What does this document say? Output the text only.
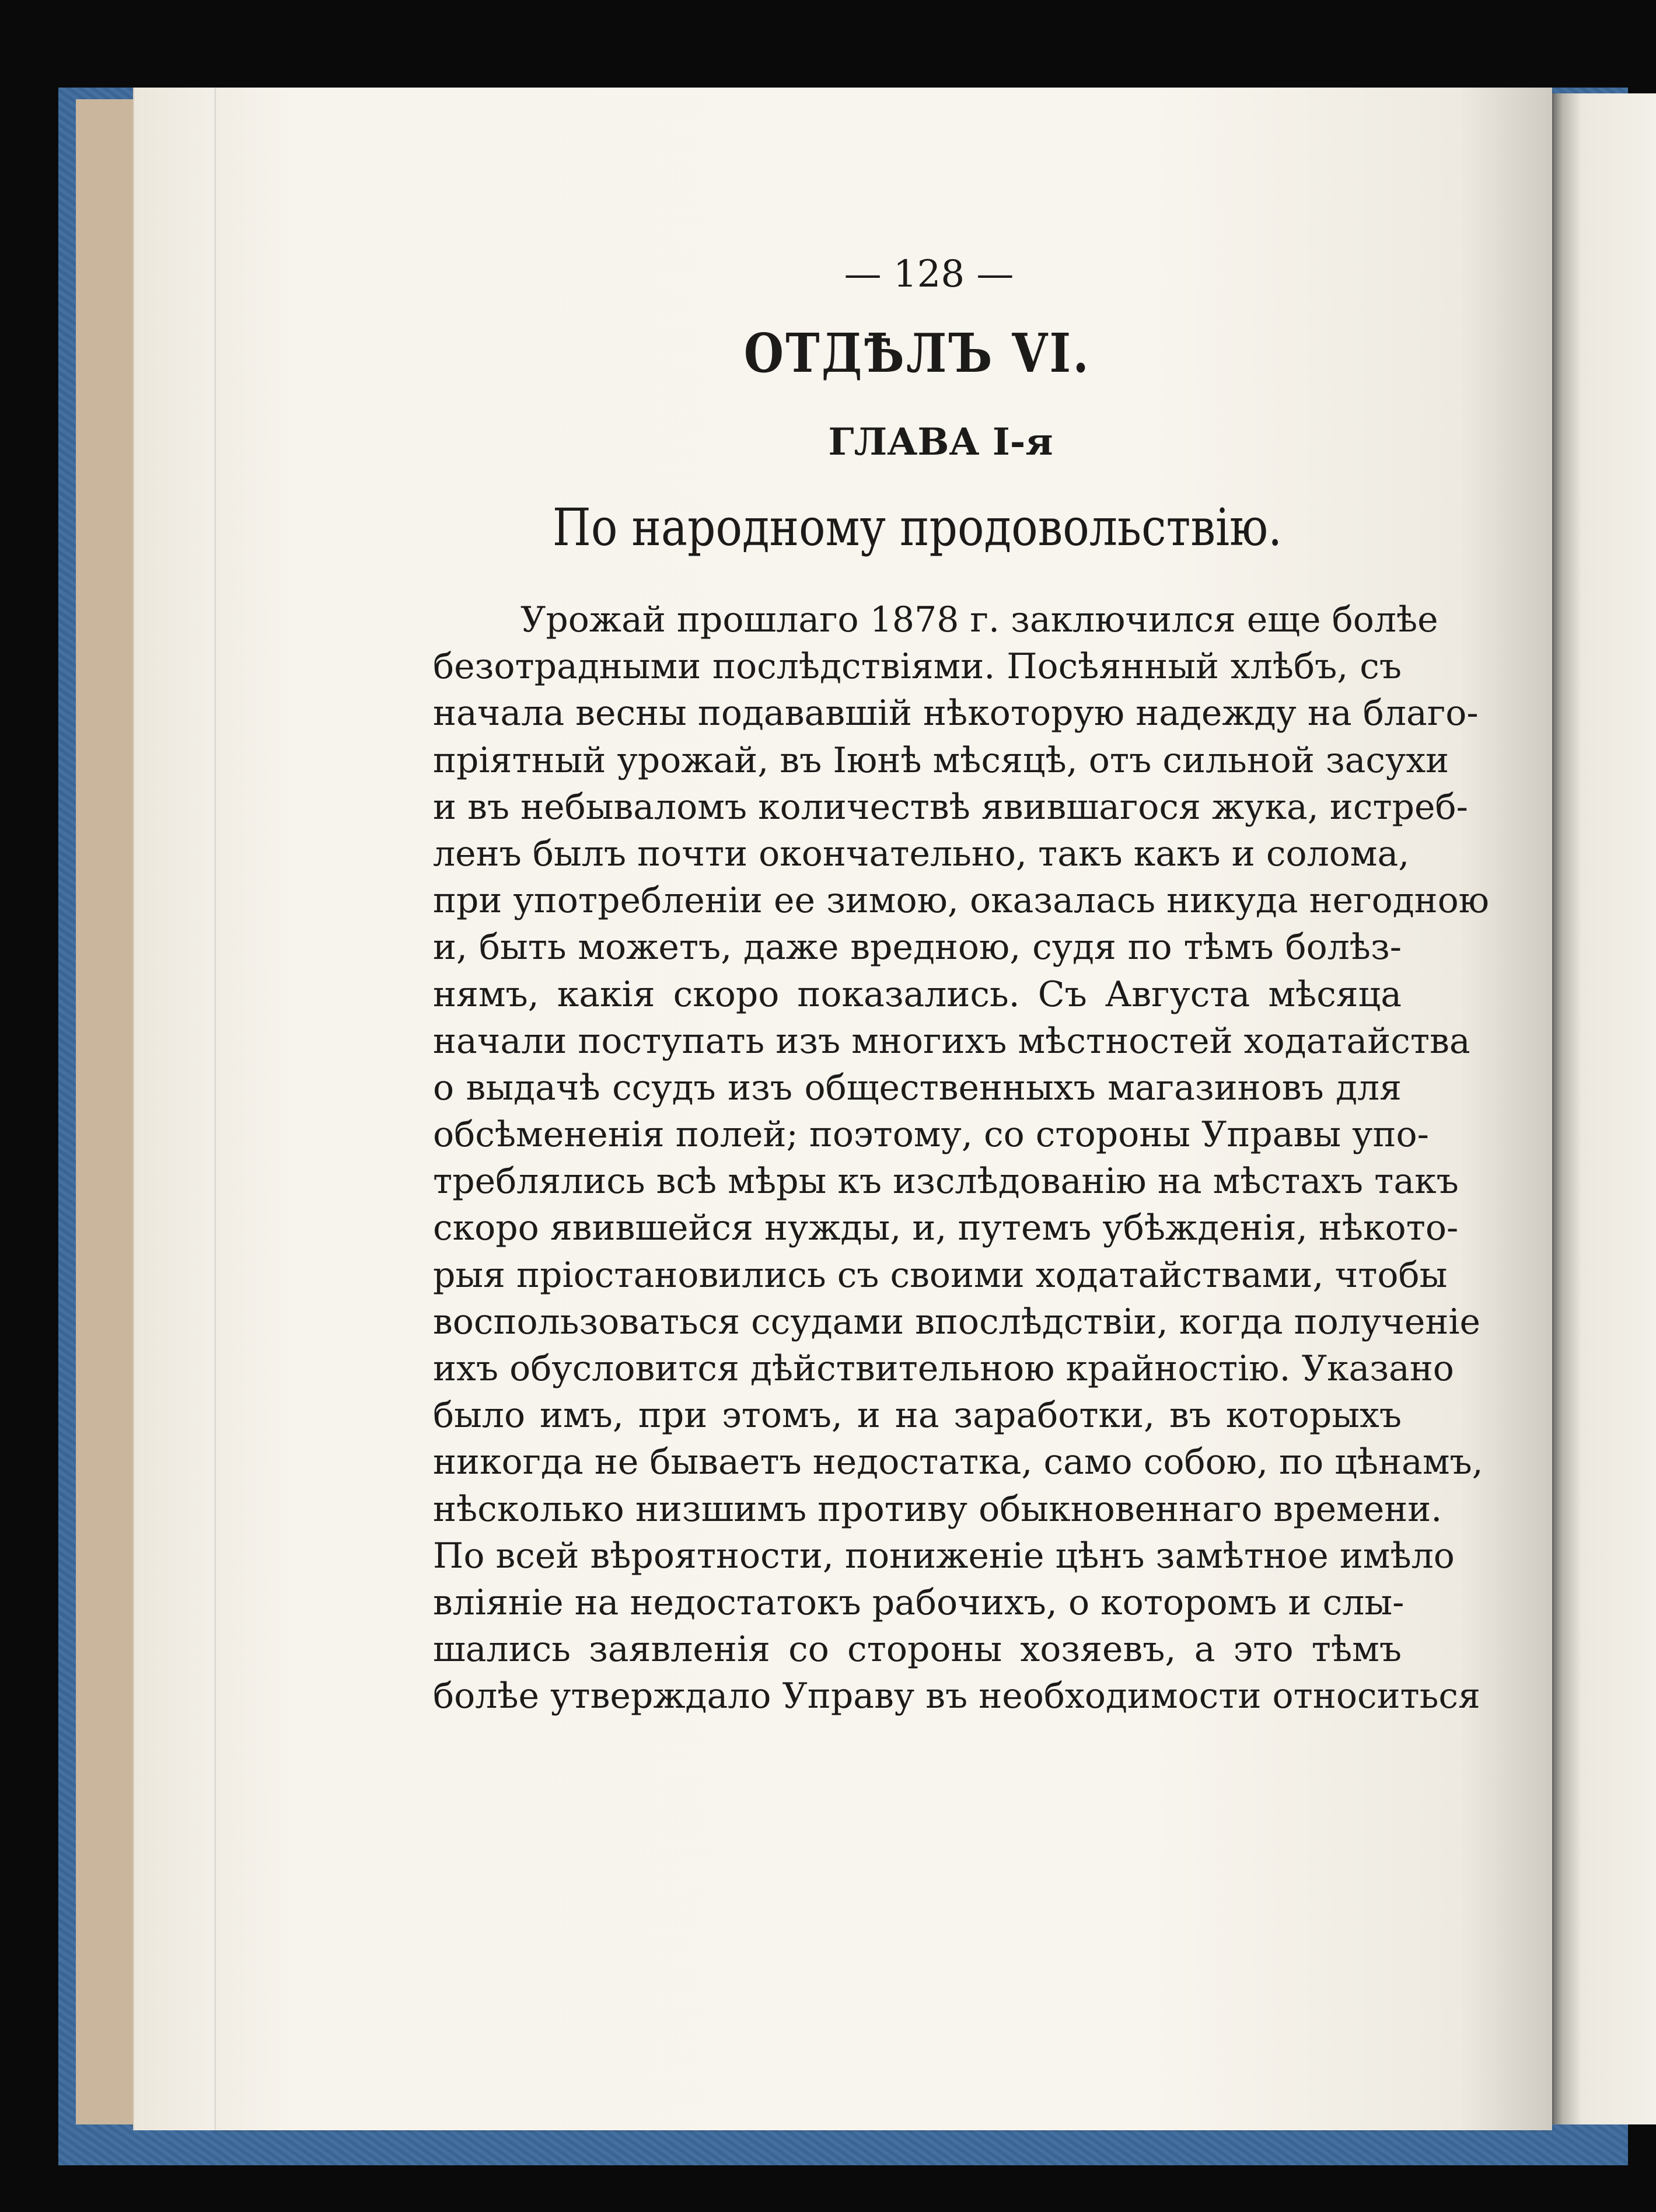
— 128 —
ОТДѢЛЪ VI.
ГЛАВА I-я
По народному продовольствію.
Урожай прошлаго 1878 г. заключился еще болѣе
безотрадными послѣдствіями. Посѣянный хлѣбъ, съ
начала весны подававшій нѣкоторую надежду на благо-
пріятный урожай, въ Іюнѣ мѣсяцѣ, отъ сильной засухи
и въ небываломъ количествѣ явившагося жука, истреб-
ленъ былъ почти окончательно, такъ какъ и солома,
при употребленіи ее зимою, оказалась никуда негодною
и, быть можетъ, даже вредною, судя по тѣмъ болѣз-
нямъ, какія скоро показались. Съ Августа мѣсяца
начали поступать изъ многихъ мѣстностей ходатайства
о выдачѣ ссудъ изъ общественныхъ магазиновъ для
обсѣмененія полей; поэтому, со стороны Управы упо-
треблялись всѣ мѣры къ изслѣдованію на мѣстахъ такъ
скоро явившейся нужды, и, путемъ убѣжденія, нѣкото-
рыя пріостановились съ своими ходатайствами, чтобы
воспользоваться ссудами впослѣдствіи, когда полученіе
ихъ обусловится дѣйствительною крайностію. Указано
было имъ, при этомъ, и на заработки, въ которыхъ
никогда не бываетъ недостатка, само собою, по цѣнамъ,
нѣсколько низшимъ противу обыкновеннаго времени.
По всей вѣроятности, пониженіе цѣнъ замѣтное имѣло
вліяніе на недостатокъ рабочихъ, о которомъ и слы-
шались заявленія со стороны хозяевъ, а это тѣмъ
болѣе утверждало Управу въ необходимости относиться
